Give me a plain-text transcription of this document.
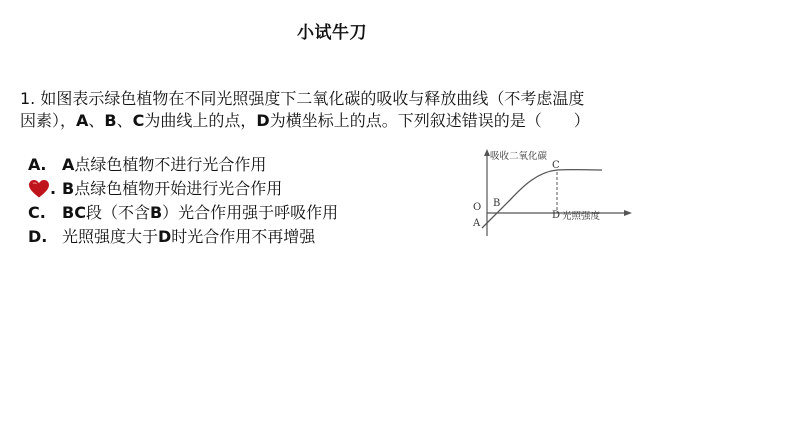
小试牛刀
1. 如图表示绿色植物在不同光照强度下二氧化碳的吸收与释放曲线（不考虑温度
因素），A、B、C为曲线上的点，D为横坐标上的点。下列叙述错误的是（　　）
A . A 点绿色植物不进行光合作用
. B 点绿色植物开始进行光合作用
C . BC 段（不含 B ）光合作用强于呼吸作用
D . 光照强度大于 D 时光合作用不再增强
吸收二氧化碳
光照强度
O
A
B
C
D
